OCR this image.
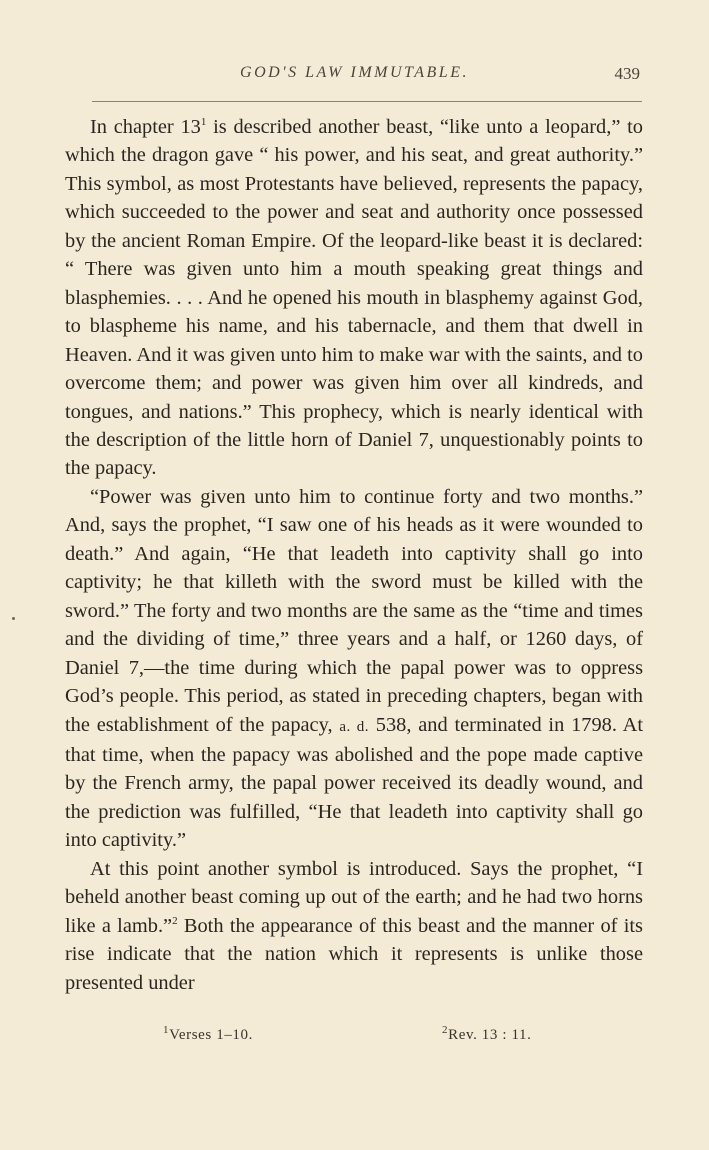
GOD'S LAW IMMUTABLE.	439

In chapter $13^1$ is described another beast, “like unto a leopard,” to which the dragon gave “ his power, and his seat, and great authority.” This symbol, as most Protestants have believed, represents the papacy, which succeeded to the power and seat and authority once possessed by the ancient Roman Empire. Of the leopard-like beast it is declared: “ There was given unto him a mouth speaking great things and blasphemies. . . . And he opened his mouth in blasphemy against God, to blaspheme his name, and his tabernacle, and them that dwell in Heaven. And it was given unto him to make war with the saints, and to overcome them; and power was given him over all kindreds, and tongues, and nations.” This prophecy, which is nearly identical with the description of the little horn of Daniel 7, unquestionably points to the papacy.

“Power was given unto him to continue forty and two months.” And, says the prophet, “I saw one of his heads as it were wounded to death.” And again, “He that leadeth into captivity shall go into captivity; he that killeth with the sword must be killed with the sword.” The forty and two months are the same as the “time and times and the dividing of time,” three years and a half, or 1260 days, of Daniel 7,—the time during which the papal power was to oppress God’s people. This period, as stated in preceding chapters, began with the establishment of the papacy, a. d. 538, and terminated in 1798. At that time, when the papacy was abolished and the pope made captive by the French army, the papal power received its deadly wound, and the prediction was fulfilled, “He that leadeth into captivity shall go into captivity.”

At this point another symbol is introduced. Says the prophet, “I beheld another beast coming up out of the earth; and he had two horns like a lamb.”$^2$ Both the appearance of this beast and the manner of its rise indicate that the nation which it represents is unlike those presented under

$^1$Verses 1–10.	$^2$Rev. 13 : 11.
